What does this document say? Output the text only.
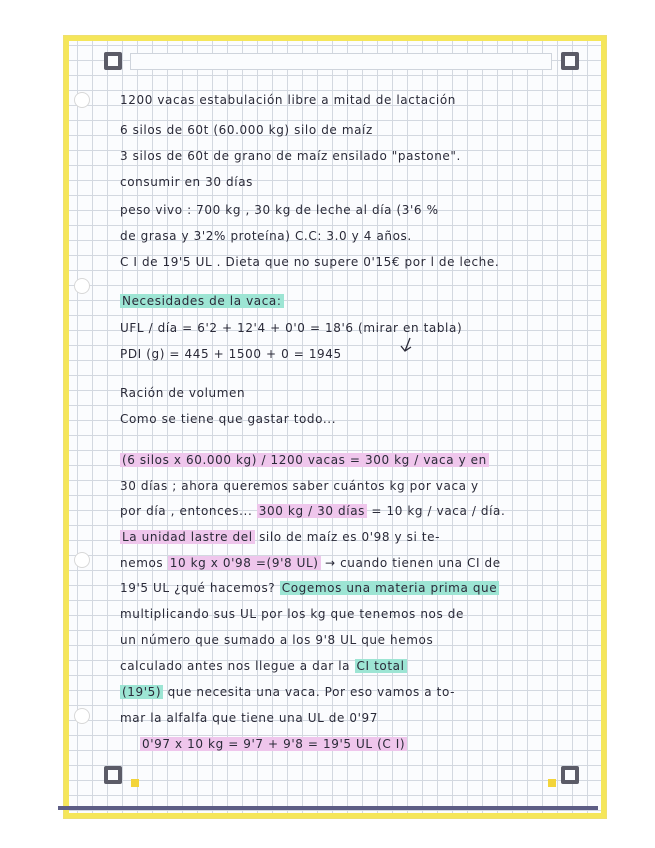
1200 vacas estabulación libre a mitad de lactación
6 silos de 60t (60.000 kg) silo de maíz
3 silos de 60t de grano de maíz ensilado "pastone".
consumir en 30 días
peso vivo : 700 kg , 30 kg de leche al día (3'6 %
de grasa y 3'2% proteína) C.C: 3.0 y 4 años.
C I de 19'5 UL . Dieta que no supere 0'15€ por l de leche.
Necesidades de la vaca:
UFL / día = 6'2 + 12'4 + 0'0 = 18'6 (mirar en tabla)
PDI (g) = 445 + 1500 + 0 = 1945
Ración de volumen
Como se tiene que gastar todo...
(6 silos x 60.000 kg) / 1200 vacas = 300 kg / vaca y en
30 días ; ahora queremos saber cuántos kg por vaca y
por día , entonces... 300 kg / 30 días = 10 kg / vaca / día.
La unidad lastre del silo de maíz es 0'98 y si te-
nemos 10 kg x 0'98 =(9'8 UL) → cuando tienen una CI de
19'5 UL ¿qué hacemos? Cogemos una materia prima que
multiplicando sus UL por los kg que tenemos nos de
un número que sumado a los 9'8 UL que hemos
calculado antes nos llegue a dar la CI total
(19'5) que necesita una vaca. Por eso vamos a to-
mar la alfalfa que tiene una UL de 0'97
0'97 x 10 kg = 9'7 + 9'8 = 19'5 UL (C I)
